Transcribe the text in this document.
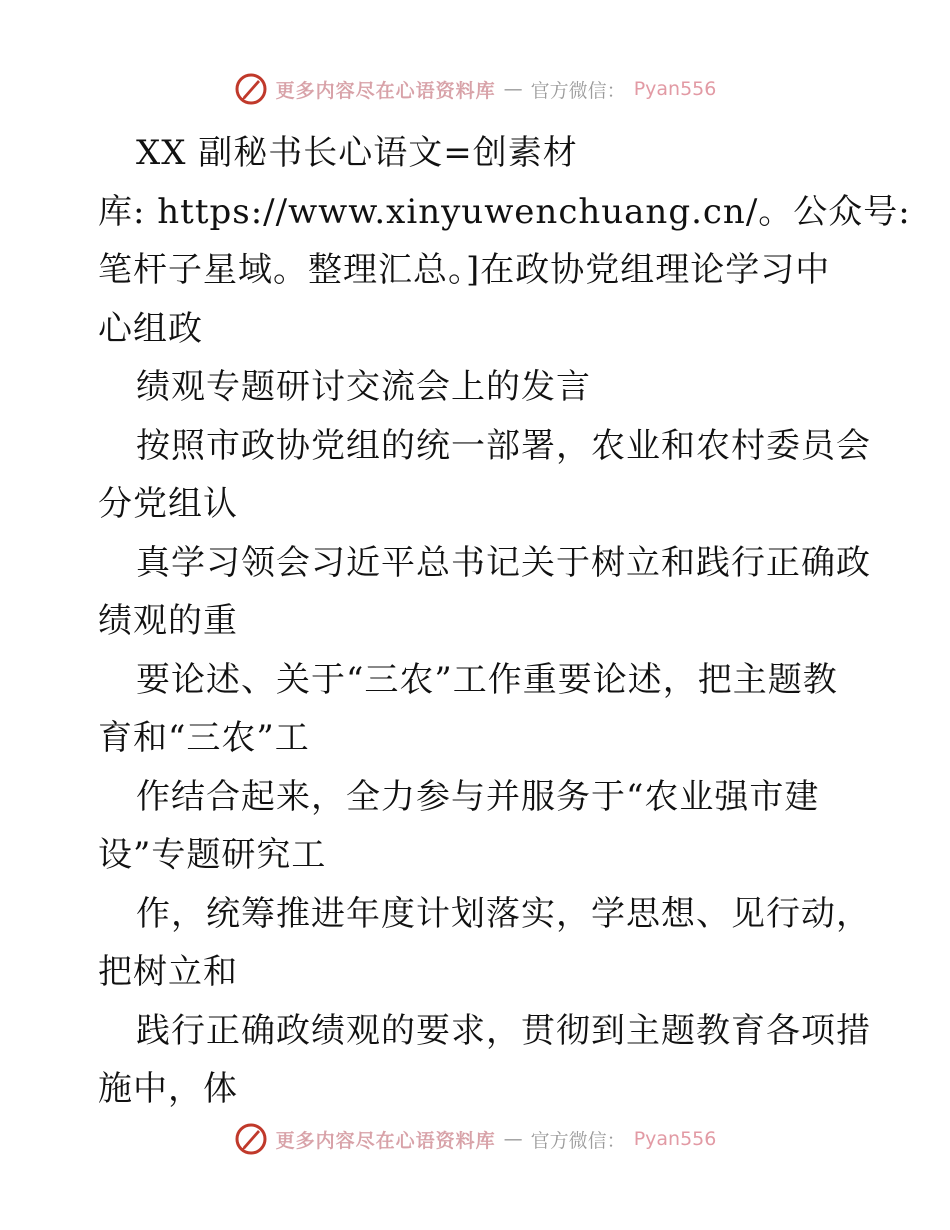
更多内容尽在心语资料库 — 官方微信： Pyan556
XX 副秘书长心语文=创素材
库: https://www.xinyuwenchuang.cn/。公众号:
笔杆子星域。整理汇总。]在政协党组理论学习中
心组政
绩观专题研讨交流会上的发言
按照市政协党组的统一部署，农业和农村委员会
分党组认
真学习领会习近平总书记关于树立和践行正确政
绩观的重
要论述、关于“三农”工作重要论述，把主题教
育和“三农”工
作结合起来，全力参与并服务于“农业强市建
设”专题研究工
作，统筹推进年度计划落实，学思想、见行动，
把树立和
践行正确政绩观的要求，贯彻到主题教育各项措
施中，体
更多内容尽在心语资料库 — 官方微信： Pyan556
